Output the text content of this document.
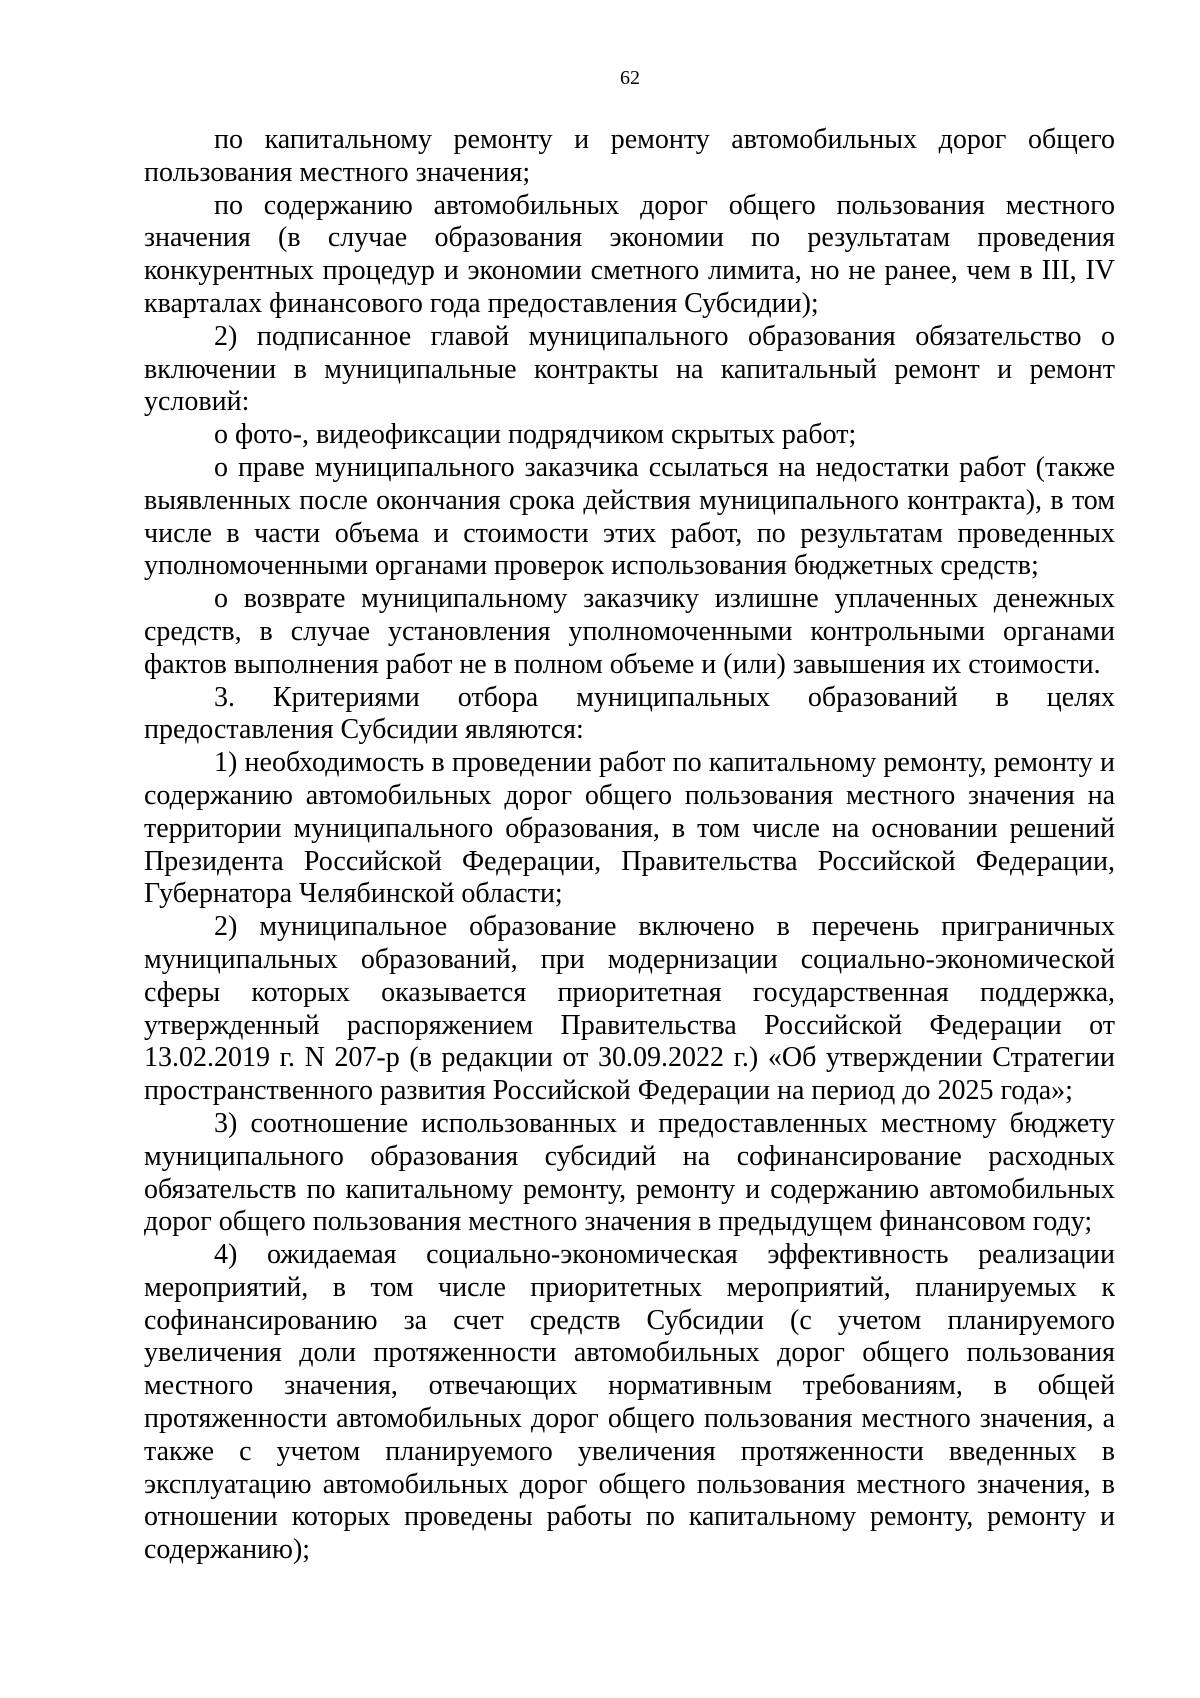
62

по капитальному ремонту и ремонту автомобильных дорог общего пользования местного значения;

по содержанию автомобильных дорог общего пользования местного значения (в случае образования экономии по результатам проведения конкурентных процедур и экономии сметного лимита, но не ранее, чем в III, IV кварталах финансового года предоставления Субсидии);

2) подписанное главой муниципального образования обязательство о включении в муниципальные контракты на капитальный ремонт и ремонт условий:

о фото-, видеофиксации подрядчиком скрытых работ;

о праве муниципального заказчика ссылаться на недостатки работ (также выявленных после окончания срока действия муниципального контракта), в том числе в части объема и стоимости этих работ, по результатам проведенных уполномоченными органами проверок использования бюджетных средств;

о возврате муниципальному заказчику излишне уплаченных денежных средств, в случае установления уполномоченными контрольными органами фактов выполнения работ не в полном объеме и (или) завышения их стоимости.

3. Критериями отбора муниципальных образований в целях предоставления Субсидии являются:

1) необходимость в проведении работ по капитальному ремонту, ремонту и содержанию автомобильных дорог общего пользования местного значения на территории муниципального образования, в том числе на основании решений Президента Российской Федерации, Правительства Российской Федерации, Губернатора Челябинской области;

2) муниципальное образование включено в перечень приграничных муниципальных образований, при модернизации социально-экономической сферы которых оказывается приоритетная государственная поддержка, утвержденный распоряжением Правительства Российской Федерации от 13.02.2019 г. N 207-р (в редакции от 30.09.2022 г.) «Об утверждении Стратегии пространственного развития Российской Федерации на период до 2025 года»;

3) соотношение использованных и предоставленных местному бюджету муниципального образования субсидий на софинансирование расходных обязательств по капитальному ремонту, ремонту и содержанию автомобильных дорог общего пользования местного значения в предыдущем финансовом году;

4) ожидаемая социально-экономическая эффективность реализации мероприятий, в том числе приоритетных мероприятий, планируемых к софинансированию за счет средств Субсидии (с учетом планируемого увеличения доли протяженности автомобильных дорог общего пользования местного значения, отвечающих нормативным требованиям, в общей протяженности автомобильных дорог общего пользования местного значения, а также с учетом планируемого увеличения протяженности введенных в эксплуатацию автомобильных дорог общего пользования местного значения, в отношении которых проведены работы по капитальному ремонту, ремонту и содержанию);
